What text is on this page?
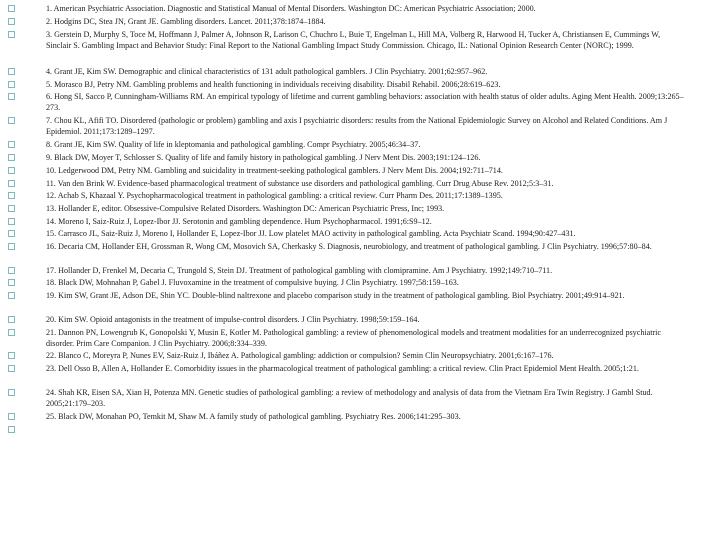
1. American Psychiatric Association. Diagnostic and Statistical Manual of Mental Disorders. Washington DC: American Psychiatric Association; 2000.
2. Hodgins DC, Stea JN, Grant JE. Gambling disorders. Lancet. 2011;378:1874–1884.
3. Gerstein D, Murphy S, Toce M, Hoffmann J, Palmer A, Johnson R, Larison C, Chuchro L, Buie T, Engelman L, Hill MA, Volberg R, Harwood H, Tucker A, Christiansen E, Cummings W, Sinclair S. Gambling Impact and Behavior Study: Final Report to the National Gambling Impact Study Commission. Chicago, IL: National Opinion Research Center (NORC); 1999.
4. Grant JE, Kim SW. Demographic and clinical characteristics of 131 adult pathological gamblers. J Clin Psychiatry. 2001;62:957–962.
5. Morasco BJ, Petry NM. Gambling problems and health functioning in individuals receiving disability. Disabil Rehabil. 2006;28:619–623.
6. Hong SI, Sacco P, Cunningham-Williams RM. An empirical typology of lifetime and current gambling behaviors: association with health status of older adults. Aging Ment Health. 2009;13:265–273.
7. Chou KL, Afifi TO. Disordered (pathologic or problem) gambling and axis I psychiatric disorders: results from the National Epidemiologic Survey on Alcohol and Related Conditions. Am J Epidemiol. 2011;173:1289–1297.
8. Grant JE, Kim SW. Quality of life in kleptomania and pathological gambling. Compr Psychiatry. 2005;46:34–37.
9. Black DW, Moyer T, Schlosser S. Quality of life and family history in pathological gambling. J Nerv Ment Dis. 2003;191:124–126.
10. Ledgerwood DM, Petry NM. Gambling and suicidality in treatment-seeking pathological gamblers. J Nerv Ment Dis. 2004;192:711–714.
11. Van den Brink W. Evidence-based pharmacological treatment of substance use disorders and pathological gambling. Curr Drug Abuse Rev. 2012;5:3–31.
12. Achab S, Khazaal Y. Psychopharmacological treatment in pathological gambling: a critical review. Curr Pharm Des. 2011;17:1389–1395.
13. Hollander E, editor. Obsessive-Compulsive Related Disorders. Washington DC: American Psychiatric Press, Inc; 1993.
14. Moreno I, Saiz-Ruiz J, Lopez-Ibor JJ. Serotonin and gambling dependence. Hum Psychopharmacol. 1991;6:S9–12.
15. Carrasco JL, Saiz-Ruiz J, Moreno I, Hollander E, Lopez-Ibor JJ. Low platelet MAO activity in pathological gambling. Acta Psychiatr Scand. 1994;90:427–431.
16. Decaria CM, Hollander EH, Grossman R, Wong CM, Mosovich SA, Cherkasky S. Diagnosis, neurobiology, and treatment of pathological gambling. J Clin Psychiatry. 1996;57:80–84.
17. Hollander D, Frenkel M, Decaria C, Trungold S, Stein DJ. Treatment of pathological gambling with clomipramine. Am J Psychiatry. 1992;149:710–711.
18. Black DW, Mohnahan P, Gabel J. Fluvoxamine in the treatment of compulsive buying. J Clin Psychiatry. 1997;58:159–163.
19. Kim SW, Grant JE, Adson DE, Shin YC. Double-blind naltrexone and placebo comparison study in the treatment of pathological gambling. Biol Psychiatry. 2001;49:914–921.
20. Kim SW. Opioid antagonists in the treatment of impulse-control disorders. J Clin Psychiatry. 1998;59:159–164.
21. Dannon PN, Lowengrub K, Gonopolski Y, Musin E, Kotler M. Pathological gambling: a review of phenomenological models and treatment modalities for an underrecognized psychiatric disorder. Prim Care Companion. J Clin Psychiatry. 2006;8:334–339.
22. Blanco C, Moreyra P, Nunes EV, Saiz-Ruiz J, Ibáñez A. Pathological gambling: addiction or compulsion? Semin Clin Neuropsychiatry. 2001;6:167–176.
23. Dell Osso B, Allen A, Hollander E. Comorbidity issues in the pharmacological treatment of pathological gambling: a critical review. Clin Pract Epidemiol Ment Health. 2005;1:21.
24. Shah KR, Eisen SA, Xian H, Potenza MN. Genetic studies of pathological gambling: a review of methodology and analysis of data from the Vietnam Era Twin Registry. J Gambl Stud. 2005;21:179–203.
25. Black DW, Monahan PO, Temkit M, Shaw M. A family study of pathological gambling. Psychiatry Res. 2006;141:295–303.
